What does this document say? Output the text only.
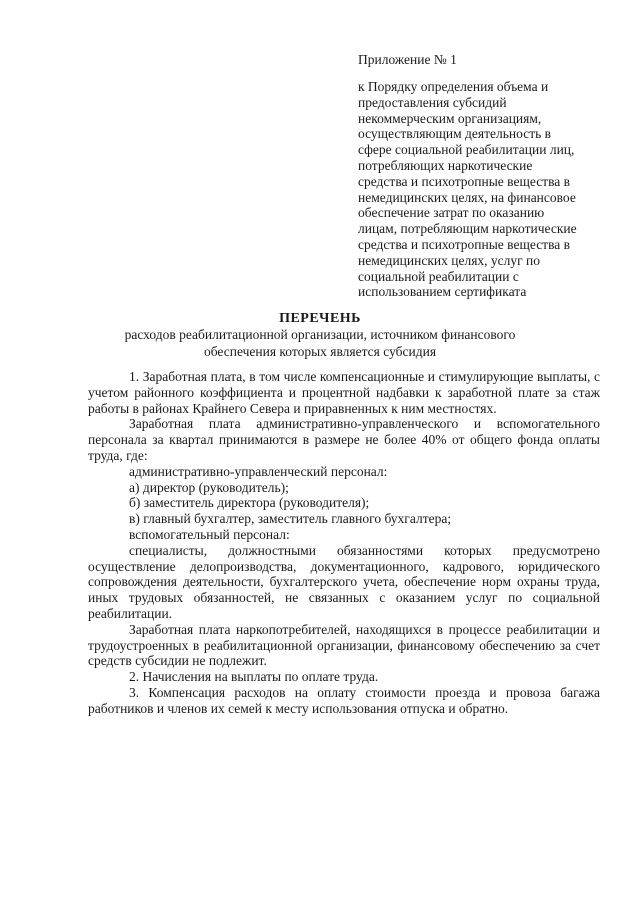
Приложение № 1
к Порядку определения объема и
предоставления субсидий
некоммерческим организациям,
осуществляющим деятельность в
сфере социальной реабилитации лиц,
потребляющих наркотические
средства и психотропные вещества в
немедицинских целях, на финансовое
обеспечение затрат по оказанию
лицам, потребляющим наркотические
средства и психотропные вещества в
немедицинских целях, услуг по
социальной реабилитации с
использованием сертификата
ПЕРЕЧЕНЬ
расходов реабилитационной организации, источником финансового
обеспечения которых является субсидия

1. Заработная плата, в том числе компенсационные и стимулирующие выплаты, с учетом районного коэффициента и процентной надбавки к заработной плате за стаж работы в районах Крайнего Севера и приравненных к ним местностях.

Заработная плата административно-управленческого и вспомогательного персонала за квартал принимаются в размере не более 40% от общего фонда оплаты труда, где:

административно-управленческий персонал:

а) директор (руководитель);

б) заместитель директора (руководителя);

в) главный бухгалтер, заместитель главного бухгалтера;

вспомогательный персонал:

специалисты, должностными обязанностями которых предусмотрено осуществление делопроизводства, документационного, кадрового, юридического сопровождения деятельности, бухгалтерского учета, обеспечение норм охраны труда, иных трудовых обязанностей, не связанных с оказанием услуг по социальной реабилитации.

Заработная плата наркопотребителей, находящихся в процессе реабилитации и трудоустроенных в реабилитационной организации, финансовому обеспечению за счет средств субсидии не подлежит.

2. Начисления на выплаты по оплате труда.

3. Компенсация расходов на оплату стоимости проезда и провоза багажа работников и членов их семей к месту использования отпуска и обратно.
